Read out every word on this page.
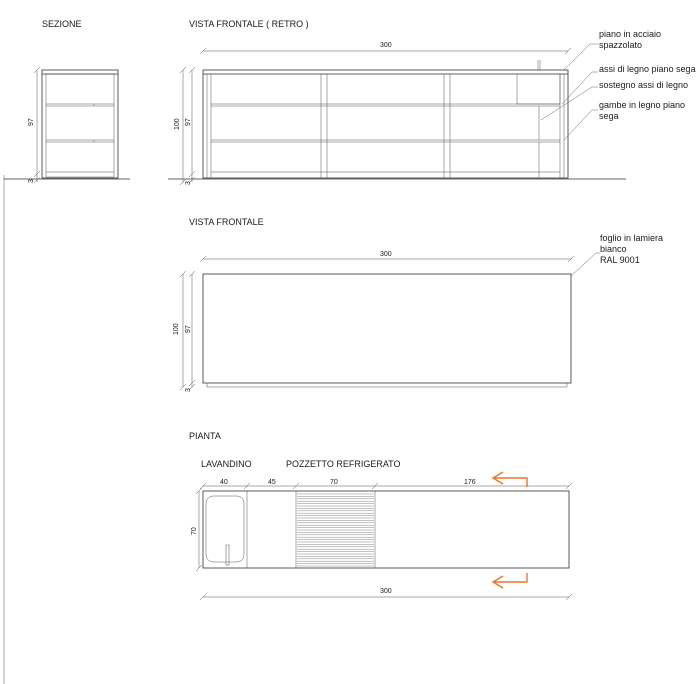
SEZIONE
97
3
VISTA FRONTALE ( RETRO )
300
100 97
3
piano in acciaio
spazzolato
assi di legno piano sega
sostegno assi di legno
gambe in legno piano
sega
VISTA FRONTALE
300
100 97
3
foglio in lamiera
bianco
RAL 9001
PIANTA
LAVANDINO	POZZETTO REFRIGERATO
40	45	70	176
70
300
